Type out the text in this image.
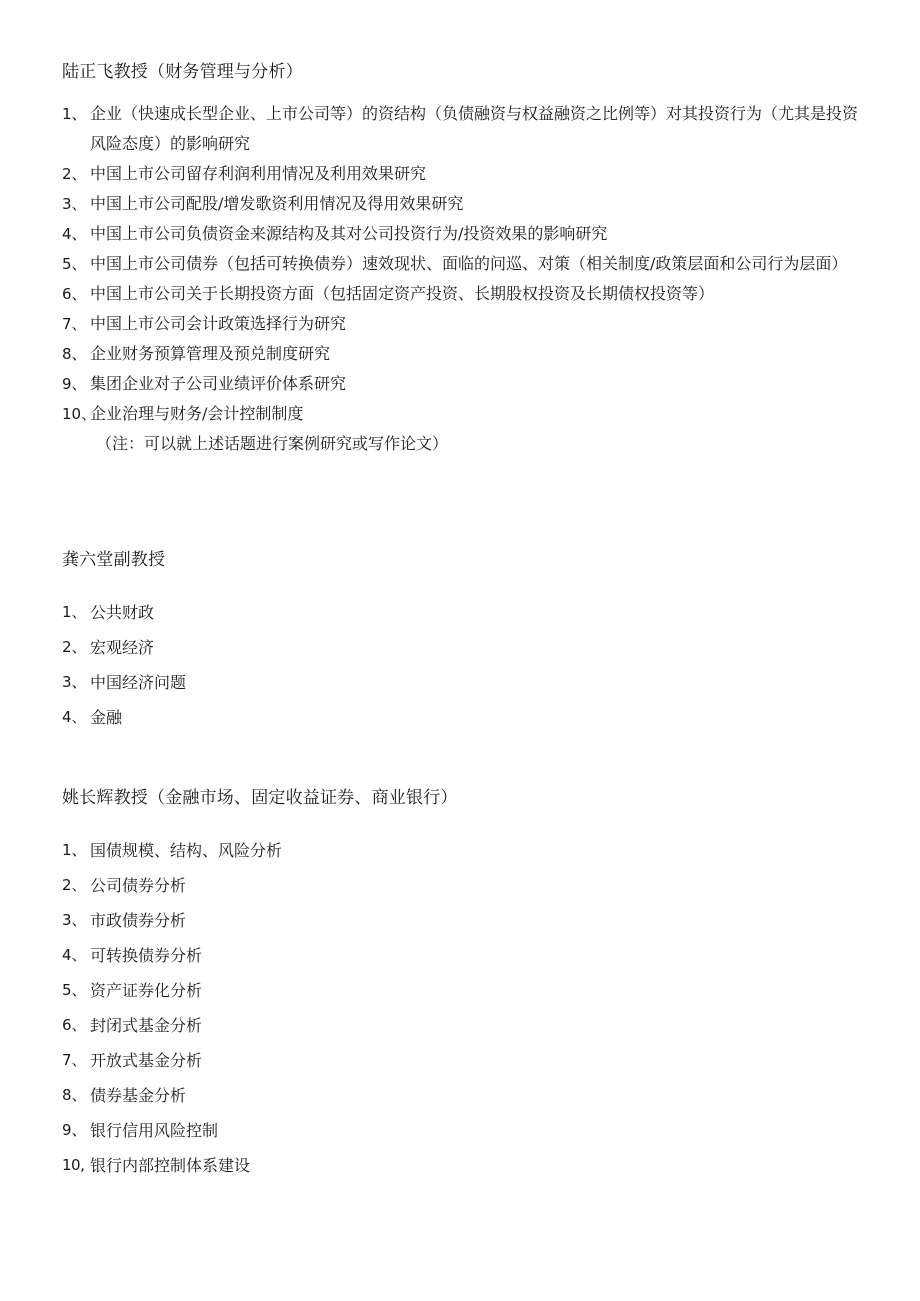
陆正飞教授（财务管理与分析）
1、 企业（快速成长型企业、上市公司等）的资结构（负债融资与权益融资之比例等）对其投资行为（尤其是投资风险态度）的影响研究
2、 中国上市公司留存利润利用情况及利用效果研究
3、 中国上市公司配股/增发歌资利用情况及得用效果研究
4、 中国上市公司负债资金来源结构及其对公司投资行为/投资效果的影响研究
5、 中国上市公司债券（包括可转换债券）速效现状、面临的问巡、对策（相关制度/政策层面和公司行为层面）
6、 中国上市公司关于长期投资方面（包括固定资产投资、长期股权投资及长期债权投资等）
7、 中国上市公司会计政策选择行为研究
8、 企业财务预算管理及预兑制度研究
9、 集团企业对子公司业绩评价体系研究
10、
企业治理与财务/会计控制制度
（注：可以就上述话题进行案例研究或写作论文）
龚六堂副教授
1、 公共财政
2、 宏观经济
3、 中国经济问题
4、 金融
姚长辉教授（金融市场、固定收益证券、商业银行）
1、 国债规模、结构、风险分析
2、 公司债券分析
3、 市政债券分析
4、 可转换债券分析
5、 资产证券化分析
6、 封闭式基金分析
7、 开放式基金分析
8、 债券基金分析
9、 银行信用风险控制
10, 银行内部控制体系建设
